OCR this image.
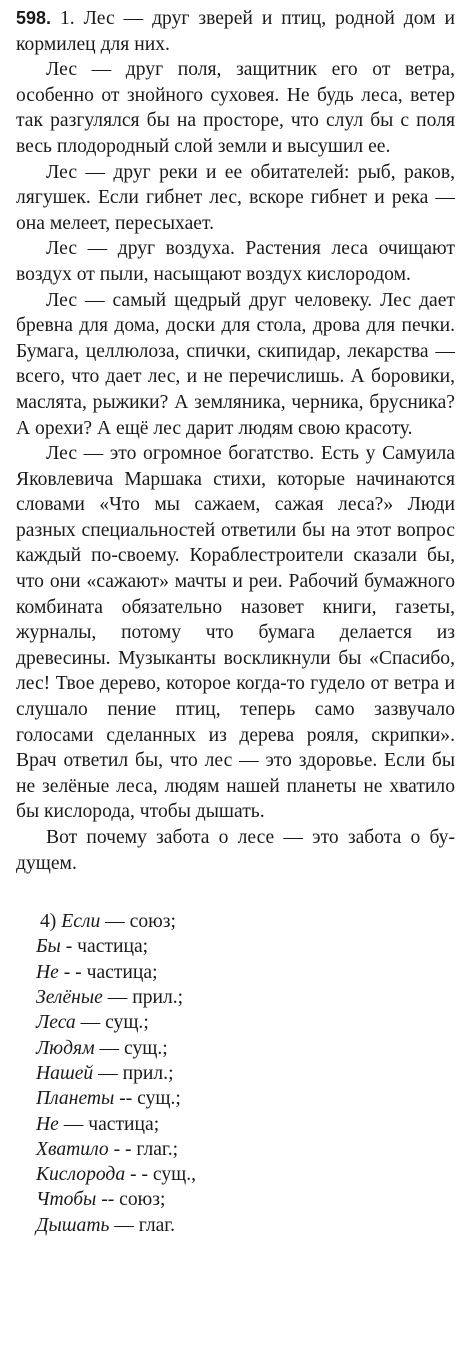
598. 1. Лес — друг зверей и птиц, родной дом и кормилец для них.

Лес — друг поля, защитник его от ветра, особенно от знойного суховея. Не будь леса, ветер так разгулялся бы на просторе, что слул бы с поля весь плодородный слой земли и высушил ее.

Лес — друг реки и ее обитателей: рыб, раков, лягушек. Если гибнет лес, вскоре гибнет и река — она мелеет, пересыхает.

Лес — друг воздуха. Растения леса очищают воздух от пыли, насыщают воздух кислородом.

Лес — самый щедрый друг человеку. Лес дает бревна для дома, доски для стола, дрова для печки. Бумага, целлюлоза, спички, скипидар, лекарства — всего, что дает лес, и не перечислишь. А боровики, маслята, рыжики? А земляника, черника, брусника? А орехи? А ещё лес дарит людям свою красоту.

Лес — это огромное богатство. Есть у Самуила Яковлевича Маршака стихи, которые начинаются словами «Что мы сажаем, сажая леса?» Люди разных специальностей ответили бы на этот вопрос каждый по-своему. Кораблестроители сказали бы, что они «сажают» мачты и реи. Рабочий бумажного комбината обязательно назовет книги, газеты, журналы, потому что бумага делается из древесины. Музыканты воскликнули бы «Спасибо, лес! Твое дерево, которое когда-то гудело от ветра и слушало пение птиц, теперь само зазвучало голосами сделанных из дерева рояля, скрипки». Врач ответил бы, что лес — это здоровье. Если бы не зелёные леса, людям нашей планеты не хватило бы кислорода, чтобы дышать.

Вот почему забота о лесе — это забота о будущем.

4) Если — союз;
Бы - частица;
Не - - частица;
Зелёные — прил.;
Леса — сущ.;
Людям — сущ.;
Нашей — прил.;
Планеты -- сущ.;
Не — частица;
Хватило - - глаг.;
Кислорода - - сущ.,
Чтобы -- союз;
Дышать — глаг.
